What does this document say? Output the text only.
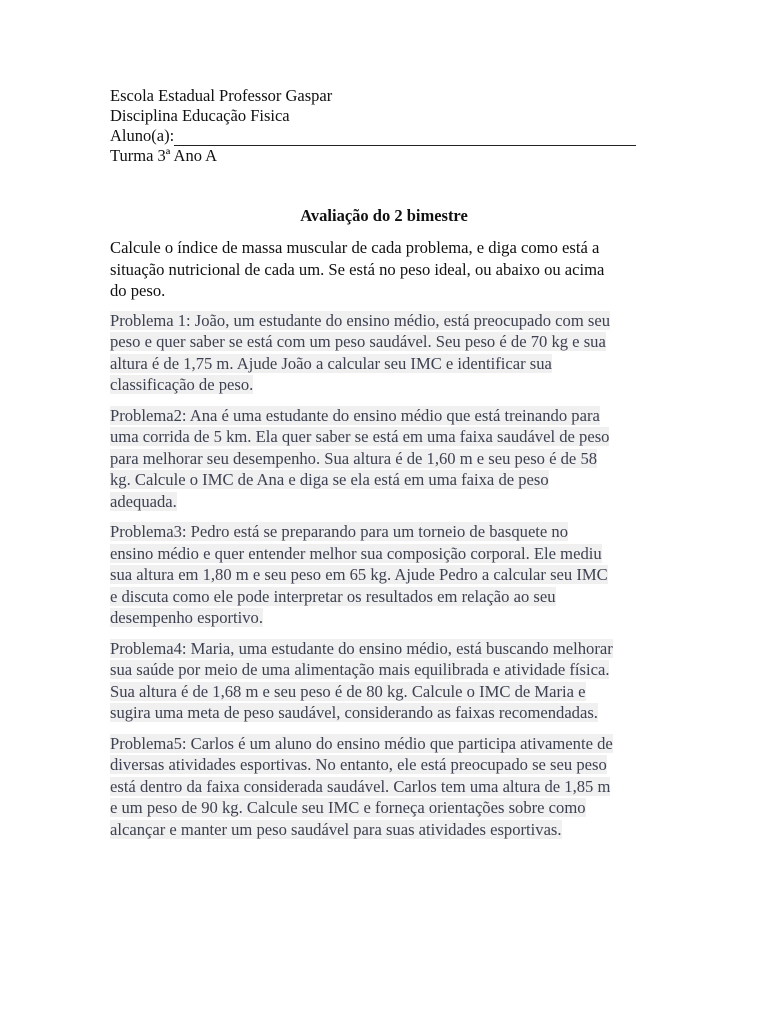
Escola Estadual Professor Gaspar
Disciplina Educação Fisica
Aluno(a):
Turma 3ª Ano A
Avaliação do 2 bimestre
Calcule o índice de massa muscular de cada problema, e diga como está a
situação nutricional de cada um. Se está no peso ideal, ou abaixo ou acima
do peso.
Problema 1: João, um estudante do ensino médio, está preocupado com seu
peso e quer saber se está com um peso saudável. Seu peso é de 70 kg e sua
altura é de 1,75 m. Ajude João a calcular seu IMC e identificar sua
classificação de peso.
Problema2: Ana é uma estudante do ensino médio que está treinando para
uma corrida de 5 km. Ela quer saber se está em uma faixa saudável de peso
para melhorar seu desempenho. Sua altura é de 1,60 m e seu peso é de 58
kg. Calcule o IMC de Ana e diga se ela está em uma faixa de peso
adequada.
Problema3: Pedro está se preparando para um torneio de basquete no
ensino médio e quer entender melhor sua composição corporal. Ele mediu
sua altura em 1,80 m e seu peso em 65 kg. Ajude Pedro a calcular seu IMC
e discuta como ele pode interpretar os resultados em relação ao seu
desempenho esportivo.
Problema4: Maria, uma estudante do ensino médio, está buscando melhorar
sua saúde por meio de uma alimentação mais equilibrada e atividade física.
Sua altura é de 1,68 m e seu peso é de 80 kg. Calcule o IMC de Maria e
sugira uma meta de peso saudável, considerando as faixas recomendadas.
Problema5: Carlos é um aluno do ensino médio que participa ativamente de
diversas atividades esportivas. No entanto, ele está preocupado se seu peso
está dentro da faixa considerada saudável. Carlos tem uma altura de 1,85 m
e um peso de 90 kg. Calcule seu IMC e forneça orientações sobre como
alcançar e manter um peso saudável para suas atividades esportivas.
